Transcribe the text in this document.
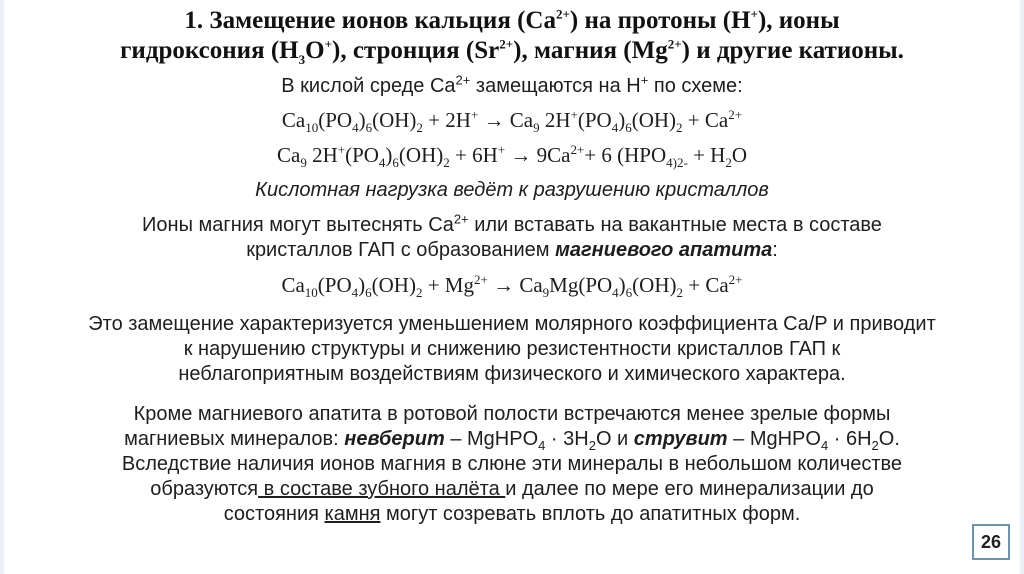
1. Замещение ионов кальция $(Ca^{2+})$ на протоны (H+), ионы
гидроксония $(H_3O^+)$, стронция $(Sr^{2+})$, магния $(Mg^{2+})$ и другие катионы.
В кислой среде $Ca^{2+}$ замещаются на H+ по схеме:
$Ca_{10}(PO_4)_6(OH)_2 + 2H^+ \to Ca_9$ $2H^+(PO_4)_6(OH)_2 + Ca^{2+}$
$Ca_9$ $2H^+(PO_4)_6(OH)_2 + 6H^+ \to 9Ca^{2+}+ 6$ ($HPO_{4)2-} + H_2O$
Кислотная нагрузка ведёт к разрушению кристаллов
Ионы магния могут вытеснять $Ca^{2+}$ или вставать на вакантные места в составе
кристаллов ГАП с образованием магниевого апатита:
$Ca_{10}(PO_4)_6(OH)_2 + Mg^{2+} \to Ca_9Mg(PO_4)_6(OH)_2 + Ca^{2+}$
Это замещение характеризуется уменьшением молярного коэффициента Ca/P и приводит
к нарушению структуры и снижению резистентности кристаллов ГАП к
неблагоприятным воздействиям физического и химического характера.
Кроме магниевого апатита в ротовой полости встречаются менее зрелые формы
магниевых минералов: невберит – MgHPO$_4$ · $3H_2O$ и струвит – MgHPO$_4$ · $6H_2O$.
Вследствие наличия ионов магния в слюне эти минералы в небольшом количестве
образуются в составе зубного налёта и далее по мере его минерализации до
состояния камня могут созревать вплоть до апатитных форм.
26
